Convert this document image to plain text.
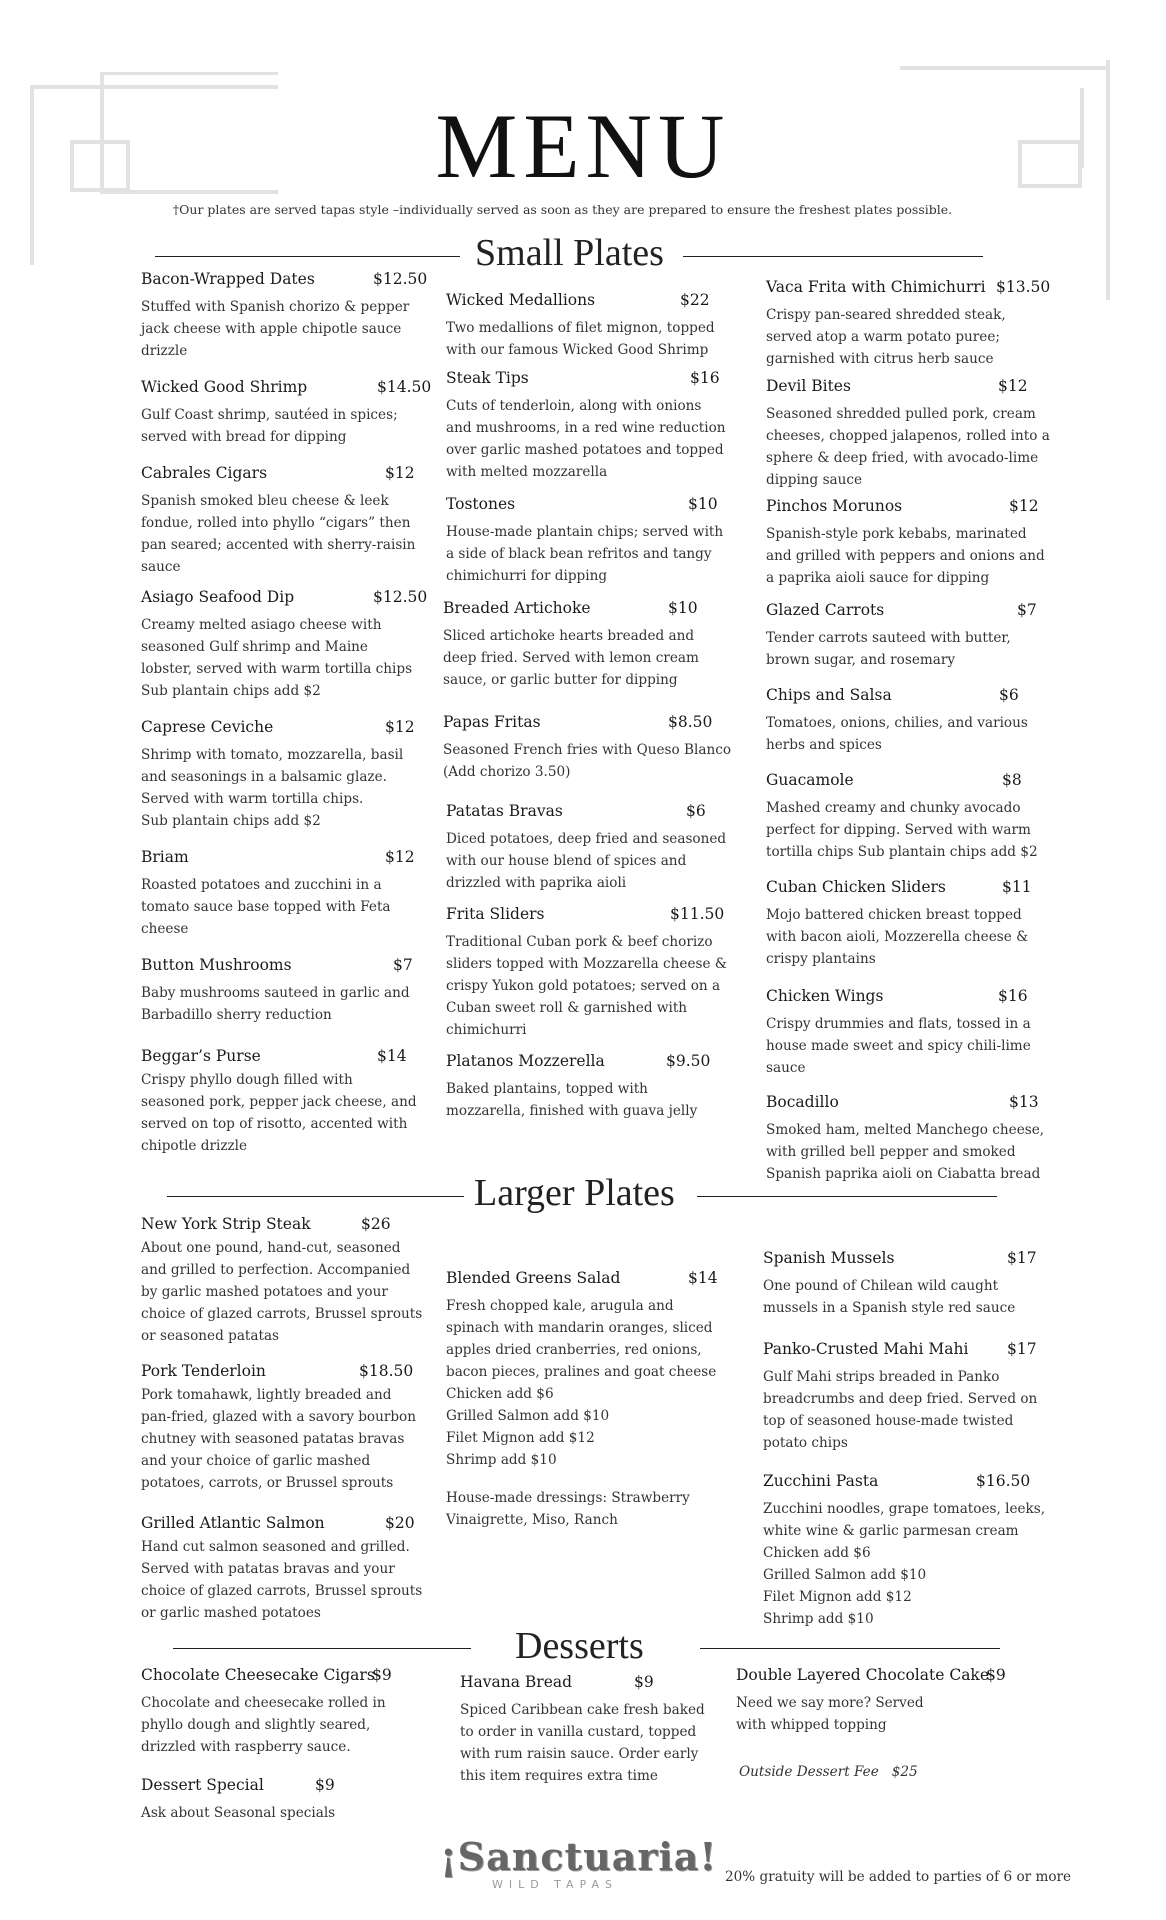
MENU
†Our plates are served tapas style –individually served as soon as they are prepared to ensure the freshest plates possible.
Small Plates
Larger Plates
Desserts
Bacon-Wrapped Dates	$12.50
Stuffed with Spanish chorizo & pepper
jack cheese with apple chipotle sauce
drizzle
Wicked Good Shrimp	$14.50
Gulf Coast shrimp, sautéed in spices;
served with bread for dipping
Cabrales Cigars	$12
Spanish smoked bleu cheese & leek
fondue, rolled into phyllo “cigars” then
pan seared; accented with sherry-raisin
sauce
Asiago Seafood Dip	$12.50
Creamy melted asiago cheese with
seasoned Gulf shrimp and Maine
lobster, served with warm tortilla chips
Sub plantain chips add $2
Caprese Ceviche	$12
Shrimp with tomato, mozzarella, basil
and seasonings in a balsamic glaze.
Served with warm tortilla chips.
Sub plantain chips add $2
Briam	$12
Roasted potatoes and zucchini in a
tomato sauce base topped with Feta
cheese
Button Mushrooms	$7
Baby mushrooms sauteed in garlic and
Barbadillo sherry reduction
Beggar’s Purse	$14
Crispy phyllo dough filled with
seasoned pork, pepper jack cheese, and
served on top of risotto, accented with
chipotle drizzle
Wicked Medallions	$22
Two medallions of filet mignon, topped
with our famous Wicked Good Shrimp
Steak Tips	$16
Cuts of tenderloin, along with onions
and mushrooms, in a red wine reduction
over garlic mashed potatoes and topped
with melted mozzarella
Tostones	$10
House-made plantain chips; served with
a side of black bean refritos and tangy
chimichurri for dipping
Breaded Artichoke	$10
Sliced artichoke hearts breaded and
deep fried. Served with lemon cream
sauce, or garlic butter for dipping
Papas Fritas	$8.50
Seasoned French fries with Queso Blanco
(Add chorizo 3.50)
Patatas Bravas	$6
Diced potatoes, deep fried and seasoned
with our house blend of spices and
drizzled with paprika aioli
Frita Sliders	$11.50
Traditional Cuban pork & beef chorizo
sliders topped with Mozzarella cheese &
crispy Yukon gold potatoes; served on a
Cuban sweet roll & garnished with
chimichurri
Platanos Mozzerella	$9.50
Baked plantains, topped with
mozzarella, finished with guava jelly
Vaca Frita with Chimichurri $13.50
Crispy pan-seared shredded steak,
served atop a warm potato puree;
garnished with citrus herb sauce
Devil Bites	$12
Seasoned shredded pulled pork, cream
cheeses, chopped jalapenos, rolled into a
sphere & deep fried, with avocado-lime
dipping sauce
Pinchos Morunos	$12
Spanish-style pork kebabs, marinated
and grilled with peppers and onions and
a paprika aioli sauce for dipping
Glazed Carrots	$7
Tender carrots sauteed with butter,
brown sugar, and rosemary
Chips and Salsa	$6
Tomatoes, onions, chilies, and various
herbs and spices
Guacamole	$8
Mashed creamy and chunky avocado
perfect for dipping. Served with warm
tortilla chips Sub plantain chips add $2
Cuban Chicken Sliders	$11
Mojo battered chicken breast topped
with bacon aioli, Mozzerella cheese &
crispy plantains
Chicken Wings	$16
Crispy drummies and flats, tossed in a
house made sweet and spicy chili-lime
sauce
Bocadillo	$13
Smoked ham, melted Manchego cheese,
with grilled bell pepper and smoked
Spanish paprika aioli on Ciabatta bread
New York Strip Steak	$26
About one pound, hand-cut, seasoned
and grilled to perfection. Accompanied
by garlic mashed potatoes and your
choice of glazed carrots, Brussel sprouts
or seasoned patatas
Pork Tenderloin	$18.50
Pork tomahawk, lightly breaded and
pan-fried, glazed with a savory bourbon
chutney with seasoned patatas bravas
and your choice of garlic mashed
potatoes, carrots, or Brussel sprouts
Grilled Atlantic Salmon	$20
Hand cut salmon seasoned and grilled.
Served with patatas bravas and your
choice of glazed carrots, Brussel sprouts
or garlic mashed potatoes
Blended Greens Salad	$14
Fresh chopped kale, arugula and
spinach with mandarin oranges, sliced
apples dried cranberries, red onions,
bacon pieces, pralines and goat cheese
Chicken add $6
Grilled Salmon add $10
Filet Mignon add $12
Shrimp add $10
House-made dressings: Strawberry
Vinaigrette, Miso, Ranch
Spanish Mussels	$17
One pound of Chilean wild caught
mussels in a Spanish style red sauce
Panko-Crusted Mahi Mahi $17
Gulf Mahi strips breaded in Panko
breadcrumbs and deep fried. Served on
top of seasoned house-made twisted
potato chips
Zucchini Pasta	$16.50
Zucchini noodles, grape tomatoes, leeks,
white wine & garlic parmesan cream
Chicken add $6
Grilled Salmon add $10
Filet Mignon add $12
Shrimp add $10
Chocolate Cheesecake Cigars
$9
Chocolate and cheesecake rolled in
phyllo dough and slightly seared,
drizzled with raspberry sauce.
Dessert Special	$9
Ask about Seasonal specials
Havana Bread	$9
Spiced Caribbean cake fresh baked
to order in vanilla custard, topped
with rum raisin sauce. Order early
this item requires extra time
Double Layered Chocolate Cake
$9
Need we say more? Served
with whipped topping
Outside Dessert Fee $25
¡Sanctuaria!
WILD TAPAS	20% gratuity will be added to parties of 6 or more
